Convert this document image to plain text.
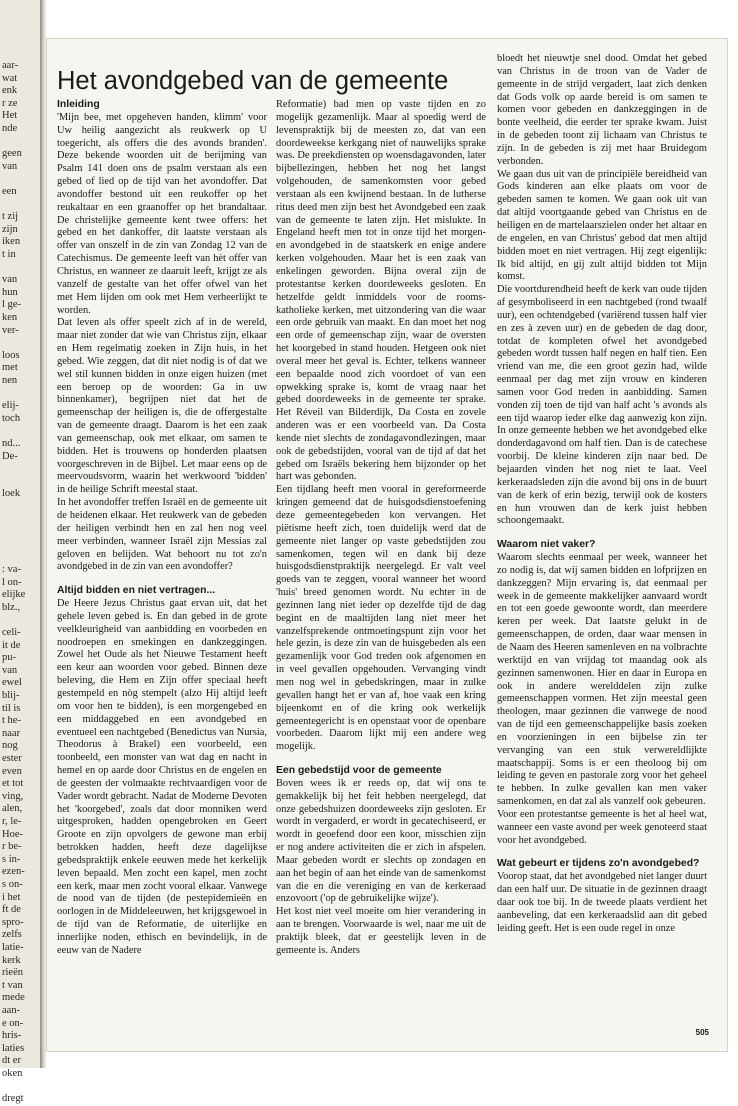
aar-
wat
enk
r ze
Het
nde
geen
van
een
t zij
zijn
iken
t in
van
hun
l ge-
ken
ver-
loos
met
nen
elij-
toch
nd...
De-
loek
: va-
l on-
elijke
blz.,
celi-
it de
pu-
van
ewel
blij-
til is
t he-
naar
nog
ester
even
et tot
ving,
alen,
r, le-
Hoe-
r be-
s in-
ezen-
s on-
i het
ft de
spro-
zelfs
latie-
kerk
rieën
t van
mede
aan-
e on-
hris-
laties
dt er
oken
dregt
Het avondgebed van de gemeente
Inleiding

'Mijn bee, met opgeheven handen, klimm' voor Uw heilig aangezicht als reukwerk op U toegericht, als offers die des avonds branden'. Deze bekende woorden uit de berijming van Psalm 141 doen ons de psalm verstaan als een gebed of lied op de tijd van het avondoffer. Dat avondoffer bestond uit een reukoffer op het reukaltaar en een graanoffer op het brandaltaar. De christelijke gemeente kent twee offers: het gebed en het dankoffer, dit laatste verstaan als offer van onszelf in de zin van Zondag 12 van de Catechismus. De gemeente leeft van hèt offer van Christus, en wanneer ze daaruit leeft, krijgt ze als vanzelf de gestalte van het offer ofwel van het met Hem lijden om ook met Hem verheerlijkt te worden.

Dat leven als offer speelt zich af in de wereld, maar niet zonder dat wie van Christus zijn, elkaar en Hem regelmatig zoeken in Zijn huis, in het gebed. Wie zeggen, dat dit niet nodig is of dat we wel stil kunnen bidden in onze eigen huizen (met een beroep op de woorden: Ga in uw binnenkamer), begrijpen niet dat het de gemeenschap der heiligen is, die de offergestalte van de gemeente draagt. Daarom is het een zaak van gemeenschap, ook met elkaar, om samen te bidden. Het is trouwens op honderden plaatsen voorgeschreven in de Bijbel. Let maar eens op de meervoudsvorm, waarin het werkwoord 'bidden' in de heilige Schrift meestal staat.

In het avondoffer treffen Israël en de gemeente uit de heidenen elkaar. Het reukwerk van de gebeden der heiligen verbindt hen en zal hen nog veel meer verbinden, wanneer Israël zijn Messias zal geloven en belijden. Wat behoort nu tot zo'n avondgebed in de zin van een avondoffer?

Altijd bidden en niet vertragen...

De Heere Jezus Christus gaat ervan uit, dat het gehele leven gebed is. En dan gebed in de grote veelkleurigheid van aanbidding en voorbeden en noodroepen en smekingen en dankzeggingen. Zowel het Oude als het Nieuwe Testament heeft een keur aan woorden voor gebed. Binnen deze beleving, die Hem en Zijn offer speciaal heeft gestempeld en nòg stempelt (alzo Hij altijd leeft om voor hen te bidden), is een morgengebed en een middaggebed en een avondgebed en eventueel een nachtgebed (Benedictus van Nursia, Theodorus à Brakel) een voorbeeld, een toonbeeld, een monster van wat dag en nacht in hemel en op aarde door Christus en de engelen en de geesten der volmaakte rechtvaardigen voor de Vader wordt gebracht. Nadat de Moderne Devoten het 'koorgebed', zoals dat door monniken werd uitgesproken, hadden opengebroken en Geert Groote en zijn opvolgers de gewone man erbij betrokken hadden, heeft deze dagelijkse gebedspraktijk enkele eeuwen mede het kerkelijk leven bepaald. Men zocht een kapel, men zocht een kerk, maar men zocht vooral elkaar. Vanwege de nood van de tijden (de pestepidemieën en oorlogen in de Middeleeuwen, het krijgsgewoel in de tijd van de Reformatie, de uiterlijke en innerlijke noden, ethisch en bevindelijk, in de eeuw van de Nadere

Reformatie) bad men op vaste tijden en zo mogelijk gezamenlijk. Maar al spoedig werd de levenspraktijk bij de meesten zo, dat van een doordeweekse kerkgang niet of nauwelijks sprake was. De preekdiensten op woensdagavonden, later bijbellezingen, hebben het nog het langst volgehouden, de samenkomsten voor gebed verstaan als een kwijnend bestaan. In de lutherse ritus deed men zijn best het Avondgebed een zaak van de gemeente te laten zijn. Het mislukte. In Engeland heeft men tot in onze tijd het morgen- en avondgebed in de staatskerk en enige andere kerken volgehouden. Maar het is een zaak van enkelingen geworden. Bijna overal zijn de protestantse kerken doordeweeks gesloten. En hetzelfde geldt inmiddels voor de rooms-katholieke kerken, met uitzondering van die waar een orde gebruik van maakt. En dan moet het nog een orde of gemeenschap zijn, waar de oversten het koorgebed in stand houden. Hetgeen ook niet overal meer het geval is. Echter, telkens wanneer een bepaalde nood zich voordoet of van een opwekking sprake is, komt de vraag naar het gebed doordeweeks in de gemeente ter sprake. Het Réveil van Bilderdijk, Da Costa en zovele anderen was er een voorbeeld van. Da Costa kende niet slechts de zondagavondlezingen, maar ook de gebedstijden, vooral van de tijd af dat het gebed om Israëls bekering hem bijzonder op het hart was gebonden.

Een tijdlang heeft men vooral in gereformeerde kringen gemeend dat de huisgodsdienstoefening deze gemeentegebeden kon vervangen. Het piëtisme heeft zich, toen duidelijk werd dat de gemeente niet langer op vaste gebedstijden zou samenkomen, tegen wil en dank bij deze huisgodsdienstpraktijk neergelegd. Er valt veel goeds van te zeggen, vooral wanneer het woord 'huis' breed genomen wordt. Nu echter in de gezinnen lang niet ieder op dezelfde tijd de dag begint en de maaltijden lang niet meer het vanzelfsprekende ontmoetingspunt zijn voor het hele gezin, is deze zin van de huisgebeden als een gezamenlijk voor God treden ook afgenomen en in veel gevallen opgehouden. Vervanging vindt men nog wel in gebedskringen, maar in zulke gevallen hangt het er van af, hoe vaak een kring bijeenkomt en of die kring ook werkelijk gemeentegericht is en openstaat voor de openbare voorbeden. Daarom lijkt mij een andere weg mogelijk.

Een gebedstijd voor de gemeente

Boven wees ik er reeds op, dat wij ons te gemakkelijk bij het feit hebben neergelegd, dat onze gebedshuizen doordeweeks zijn gesloten. Er wordt in vergaderd, er wordt in gecatechiseerd, er wordt in geoefend door een koor, misschien zijn er nog andere activiteiten die er zich in afspelen. Maar gebeden wordt er slechts op zondagen en aan het begin of aan het einde van de samenkomst van die en die vereniging en van de kerkeraad enzovoort ('op de gebruikelijke wijze').

Het kost niet veel moeite om hier verandering in aan te brengen. Voorwaarde is wel, naar me uit de praktijk bleek, dat er geestelijk leven in de gemeente is. Anders

bloedt het nieuwtje snel dood. Omdat het gebed van Christus in de troon van de Vader de gemeente in de strijd vergadert, laat zich denken dat Gods volk op aarde bereid is om samen te komen voor gebeden en dankzeggingen in de bonte veelheid, die eerder ter sprake kwam. Juist in de gebeden toont zij lichaam van Christus te zijn. In de gebeden is zij met haar Bruidegom verbonden.

We gaan dus uit van de principiële bereidheid van Gods kinderen aan elke plaats om voor de gebeden samen te komen. We gaan ook uit van dat altijd voortgaande gebed van Christus en de heiligen en de martelaarszielen onder het altaar en de engelen, en van Christus' gebod dat men altijd bidden moet en niet vertragen. Hij zegt eigenlijk: Ik bid altijd, en gij zult altijd bidden tot Mijn komst.

Die voortdurendheid heeft de kerk van oude tijden af gesymboliseerd in een nachtgebed (rond twaalf uur), een ochtendgebed (variërend tussen half vier en zes à zeven uur) en de gebeden de dag door, totdat de kompleten ofwel het avondgebed gebeden wordt tussen half negen en half tien. Een vriend van me, die een groot gezin had, wilde eenmaal per dag met zijn vrouw en kinderen samen voor God treden in aanbidding. Samen vonden zij toen de tijd van half acht 's avonds als een tijd waarop ieder elke dag aanwezig kon zijn. In onze gemeente hebben we het avondgebed elke donderdagavond om half tien. Dan is de catechese voorbij. De kleine kinderen zijn naar bed. De bejaarden vinden het nog niet te laat. Veel kerkeraadsleden zijn die avond bij ons in de buurt van de kerk of erin bezig, terwijl ook de kosters en hun vrouwen dan de kerk juist hebben schoongemaakt.

Waarom niet vaker?

Waarom slechts eenmaal per week, wanneer het zo nodig is, dat wij samen bidden en lofprijzen en dankzeggen? Mijn ervaring is, dat eenmaal per week in de gemeente makkelijker aanvaard wordt en tot een goede gewoonte wordt, dan meerdere keren per week. Dat laatste gelukt in de gemeenschappen, de orden, daar waar mensen in de Naam des Heeren samenleven en na volbrachte werktijd en van vrijdag tot maandag ook als gezinnen samenwonen. Hier en daar in Europa en ook in andere werelddelen zijn zulke gemeenschappen vormen. Het zijn meestal geen theologen, maar gezinnen die vanwege de nood van de tijd een gemeenschappelijke basis zoeken en voorzieningen in een bijbelse zin ter vervanging van een stuk verwereldlijkte maatschappij. Soms is er een theoloog bij om leiding te geven en pastorale zorg voor het geheel te hebben. In zulke gevallen kan men vaker samenkomen, en dat zal als vanzelf ook gebeuren.

Voor een protestantse gemeente is het al heel wat, wanneer een vaste avond per week genoteerd staat voor het avondgebed.

Wat gebeurt er tijdens zo'n avondgebed?

Voorop staat, dat het avondgebed niet langer duurt dan een half uur. De situatie in de gezinnen draagt daar ook toe bij. In de tweede plaats verdient het aanbeveling, dat een kerkeraadslid aan dit gebed leiding geeft. Het is een oude regel in onze

505
